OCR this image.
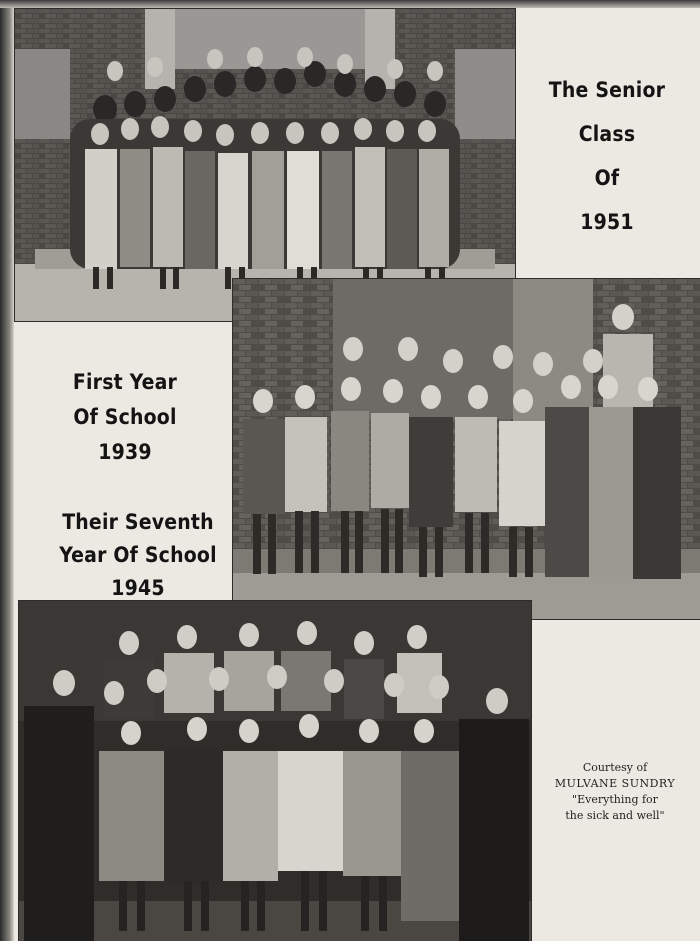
The Senior
Class
Of
1951
First Year
Of School
1939
Their Seventh
Year Of School
1945
Courtesy of
MULVANE SUNDRY
"Everything for
the sick and well"
